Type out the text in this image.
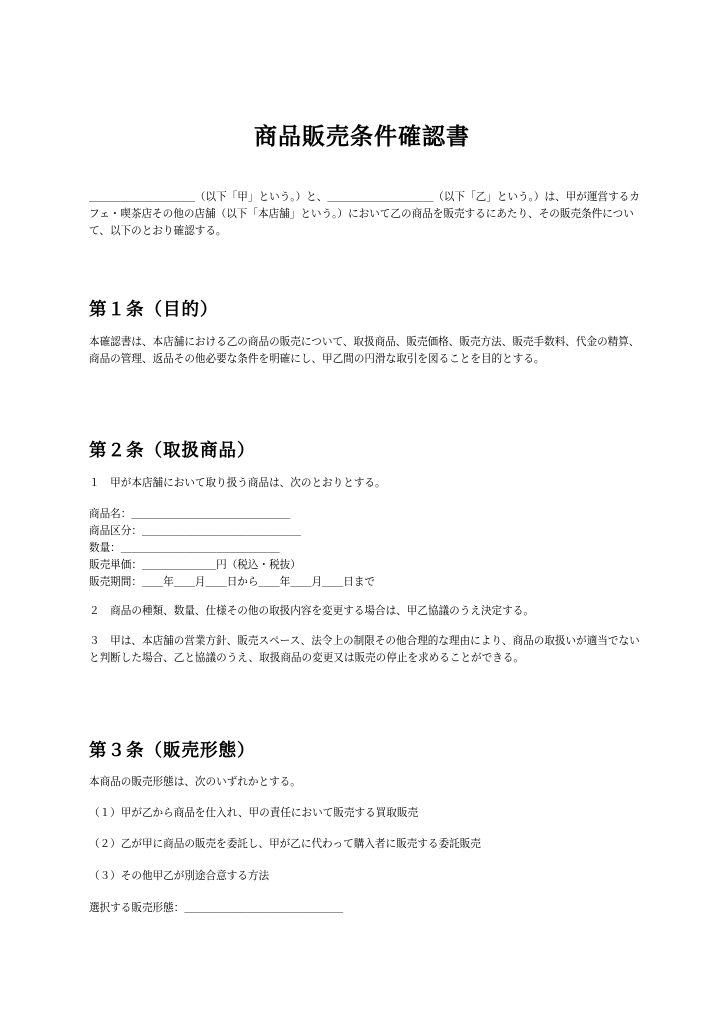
商品販売条件確認書
＿＿＿＿＿＿＿＿＿＿（以下「甲」という。）と、＿＿＿＿＿＿＿＿＿＿（以下「乙」という。）は、甲が運営するカフェ・喫茶店その他の店舗（以下「本店舗」という。）において乙の商品を販売するにあたり、その販売条件について、以下のとおり確認する。
第１条（目的）
本確認書は、本店舗における乙の商品の販売について、取扱商品、販売価格、販売方法、販売手数料、代金の精算、商品の管理、返品その他必要な条件を明確にし、甲乙間の円滑な取引を図ることを目的とする。
第２条（取扱商品）
１　甲が本店舗において取り扱う商品は、次のとおりとする。
商品名：＿＿＿＿＿＿＿＿＿＿＿＿＿＿＿
商品区分：＿＿＿＿＿＿＿＿＿＿＿＿＿＿＿
数量：＿＿＿＿＿＿＿＿＿＿＿＿＿＿＿
販売単価：＿＿＿＿＿＿＿円（税込・税抜）
販売期間：＿＿年＿＿月＿＿日から＿＿年＿＿月＿＿日まで
２　商品の種類、数量、仕様その他の取扱内容を変更する場合は、甲乙協議のうえ決定する。
３　甲は、本店舗の営業方針、販売スペース、法令上の制限その他合理的な理由により、商品の取扱いが適当でないと判断した場合、乙と協議のうえ、取扱商品の変更又は販売の停止を求めることができる。
第３条（販売形態）
本商品の販売形態は、次のいずれかとする。
（１）甲が乙から商品を仕入れ、甲の責任において販売する買取販売
（２）乙が甲に商品の販売を委託し、甲が乙に代わって購入者に販売する委託販売
（３）その他甲乙が別途合意する方法
選択する販売形態：＿＿＿＿＿＿＿＿＿＿＿＿＿＿＿
